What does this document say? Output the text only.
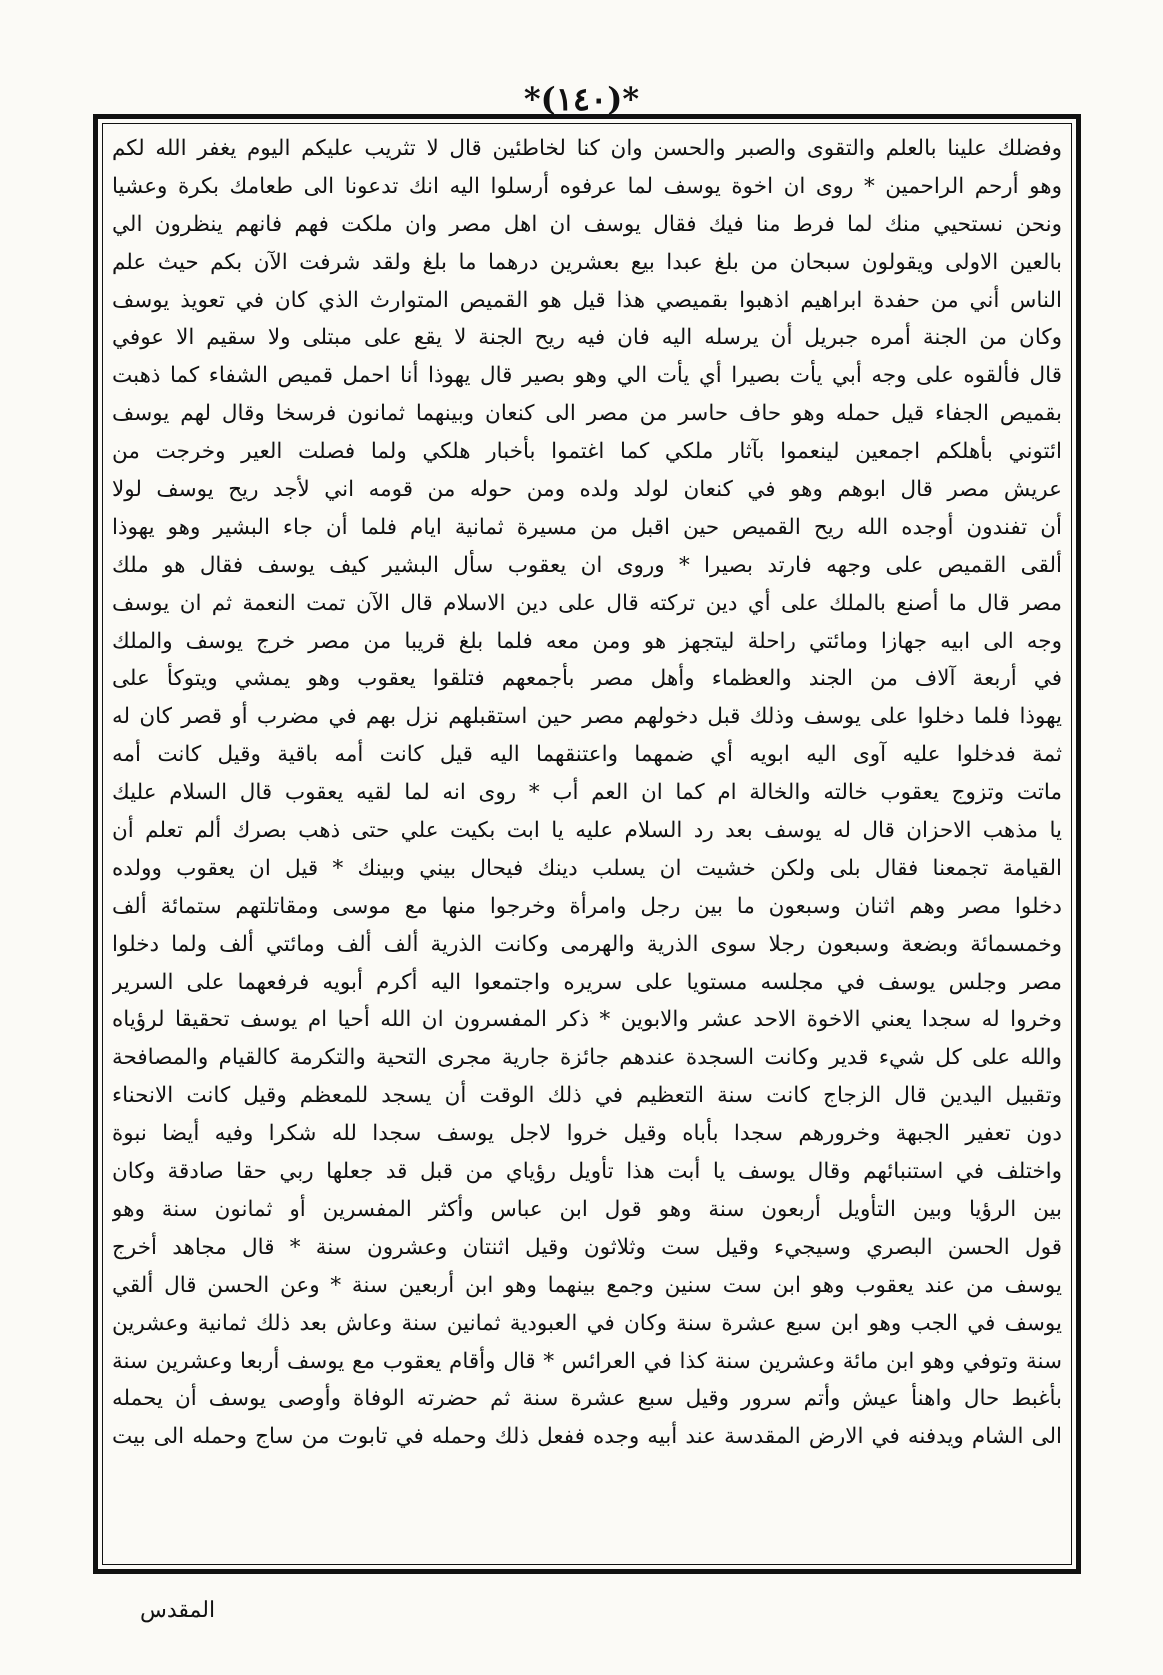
*(١٤٠)*
وفضلك علينا بالعلم والتقوى والصبر والحسن وان كنا لخاطئين قال لا تثريب عليكم اليوم يغفر الله لكم
وهو أرحم الراحمين * روى ان اخوة يوسف لما عرفوه أرسلوا اليه انك تدعونا الى طعامك بكرة وعشيا
ونحن نستحيي منك لما فرط منا فيك فقال يوسف ان اهل مصر وان ملكت فهم فانهم ينظرون الي
بالعين الاولى ويقولون سبحان من بلغ عبدا بيع بعشرين درهما ما بلغ ولقد شرفت الآن بكم حيث علم
الناس أني من حفدة ابراهيم اذهبوا بقميصي هذا قيل هو القميص المتوارث الذي كان في تعويذ يوسف
وكان من الجنة أمره جبريل أن يرسله اليه فان فيه ريح الجنة لا يقع على مبتلى ولا سقيم الا عوفي
قال فألقوه على وجه أبي يأت بصيرا أي يأت الي وهو بصير قال يهوذا أنا احمل قميص الشفاء كما ذهبت
بقميص الجفاء قيل حمله وهو حاف حاسر من مصر الى كنعان وبينهما ثمانون فرسخا وقال لهم يوسف
ائتوني بأهلكم اجمعين لينعموا بآثار ملكي كما اغتموا بأخبار هلكي ولما فصلت العير وخرجت من
عريش مصر قال ابوهم وهو في كنعان لولد ولده ومن حوله من قومه اني لأجد ريح يوسف لولا
أن تفندون أوجده الله ريح القميص حين اقبل من مسيرة ثمانية ايام فلما أن جاء البشير وهو يهوذا
ألقى القميص على وجهه فارتد بصيرا * وروى ان يعقوب سأل البشير كيف يوسف فقال هو ملك
مصر قال ما أصنع بالملك على أي دين تركته قال على دين الاسلام قال الآن تمت النعمة ثم ان يوسف
وجه الى ابيه جهازا ومائتي راحلة ليتجهز هو ومن معه فلما بلغ قريبا من مصر خرج يوسف والملك
في أربعة آلاف من الجند والعظماء وأهل مصر بأجمعهم فتلقوا يعقوب وهو يمشي ويتوكأ على
يهوذا فلما دخلوا على يوسف وذلك قبل دخولهم مصر حين استقبلهم نزل بهم في مضرب أو قصر كان له
ثمة فدخلوا عليه آوى اليه ابويه أي ضمهما واعتنقهما اليه قيل كانت أمه باقية وقيل كانت أمه
ماتت وتزوج يعقوب خالته والخالة ام كما ان العم أب * روى انه لما لقيه يعقوب قال السلام عليك
يا مذهب الاحزان قال له يوسف بعد رد السلام عليه يا ابت بكيت علي حتى ذهب بصرك ألم تعلم أن
القيامة تجمعنا فقال بلى ولكن خشيت ان يسلب دينك فيحال بيني وبينك * قيل ان يعقوب وولده
دخلوا مصر وهم اثنان وسبعون ما بين رجل وامرأة وخرجوا منها مع موسى ومقاتلتهم ستمائة ألف
وخمسمائة وبضعة وسبعون رجلا سوى الذرية والهرمى وكانت الذرية ألف ألف ومائتي ألف ولما دخلوا
مصر وجلس يوسف في مجلسه مستويا على سريره واجتمعوا اليه أكرم أبويه فرفعهما على السرير
وخروا له سجدا يعني الاخوة الاحد عشر والابوين * ذكر المفسرون ان الله أحيا ام يوسف تحقيقا لرؤياه
والله على كل شيء قدير وكانت السجدة عندهم جائزة جارية مجرى التحية والتكرمة كالقيام والمصافحة
وتقبيل اليدين قال الزجاج كانت سنة التعظيم في ذلك الوقت أن يسجد للمعظم وقيل كانت الانحناء
دون تعفير الجبهة وخرورهم سجدا بأباه وقيل خروا لاجل يوسف سجدا لله شكرا وفيه أيضا نبوة
واختلف في استنبائهم وقال يوسف يا أبت هذا تأويل رؤياي من قبل قد جعلها ربي حقا صادقة وكان
بين الرؤيا وبين التأويل أربعون سنة وهو قول ابن عباس وأكثر المفسرين أو ثمانون سنة وهو
قول الحسن البصري وسيجيء وقيل ست وثلاثون وقيل اثنتان وعشرون سنة * قال مجاهد أخرج
يوسف من عند يعقوب وهو ابن ست سنين وجمع بينهما وهو ابن أربعين سنة * وعن الحسن قال ألقي
يوسف في الجب وهو ابن سبع عشرة سنة وكان في العبودية ثمانين سنة وعاش بعد ذلك ثمانية وعشرين
سنة وتوفي وهو ابن مائة وعشرين سنة كذا في العرائس * قال وأقام يعقوب مع يوسف أربعا وعشرين سنة
بأغبط حال واهنأ عيش وأتم سرور وقيل سبع عشرة سنة ثم حضرته الوفاة وأوصى يوسف أن يحمله
الى الشام ويدفنه في الارض المقدسة عند أبيه وجده ففعل ذلك وحمله في تابوت من ساج وحمله الى بيت
المقدس
